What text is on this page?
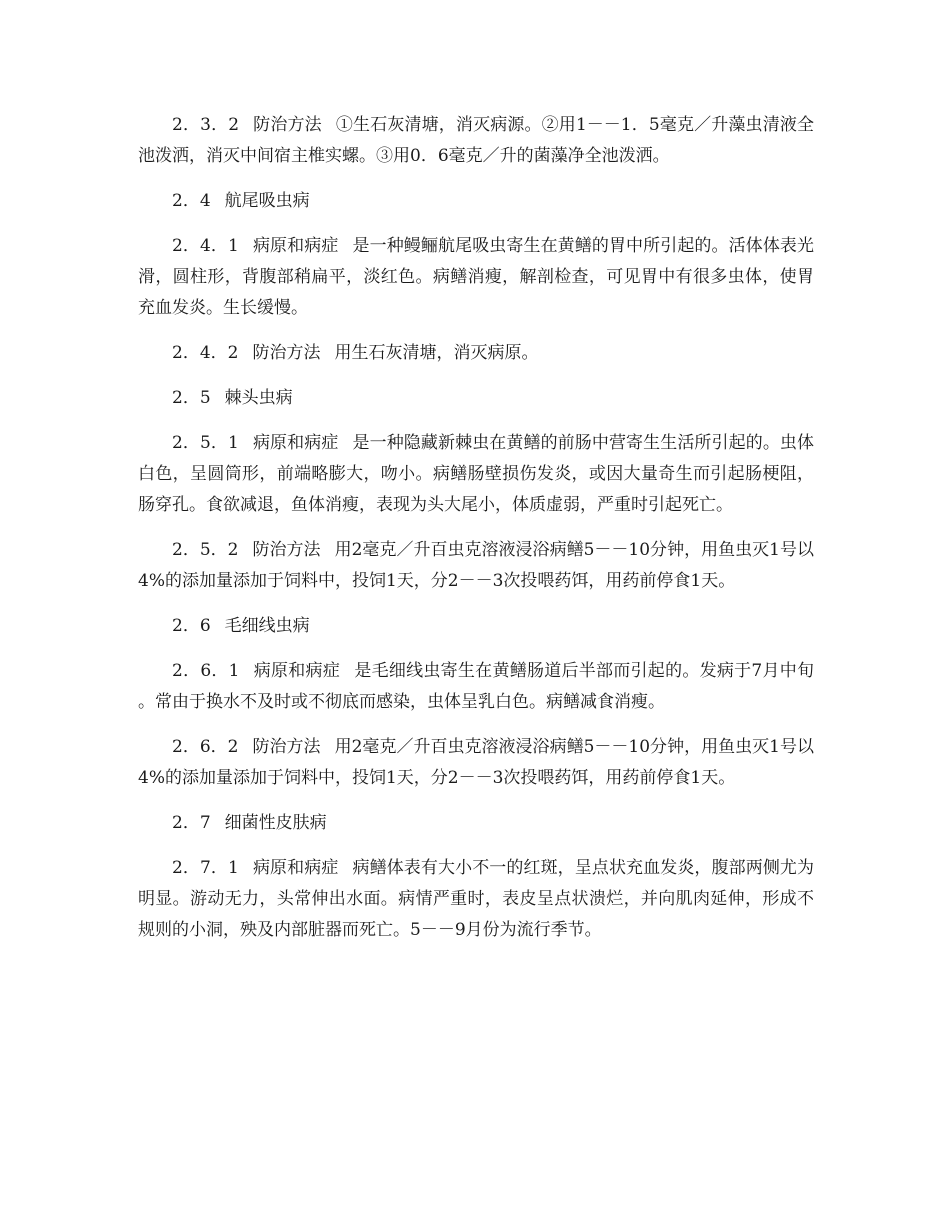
2．3．2 防治方法 ①生石灰清塘，消灭病源。②用1－－1．5毫克／升藻虫清液全池泼洒，消灭中间宿主椎实螺。③用0．6毫克／升的菌藻净全池泼洒。

2．4 航尾吸虫病

2．4．1 病原和病症 是一种鳗鲡航尾吸虫寄生在黄鳝的胃中所引起的。活体体表光滑，圆柱形，背腹部稍扁平，淡红色。病鳝消瘦，解剖检查，可见胃中有很多虫体，使胃充血发炎。生长缓慢。

2．4．2 防治方法 用生石灰清塘，消灭病原。

2．5 棘头虫病

2．5．1 病原和病症 是一种隐藏新棘虫在黄鳝的前肠中营寄生生活所引起的。虫体白色，呈圆筒形，前端略膨大，吻小。病鳝肠壁损伤发炎，或因大量奇生而引起肠梗阻，肠穿孔。食欲减退，鱼体消瘦，表现为头大尾小，体质虚弱，严重时引起死亡。

2．5．2 防治方法 用2毫克／升百虫克溶液浸浴病鳝5－－10分钟，用鱼虫灭1号以4%的添加量添加于饲料中，投饲1天，分2－－3次投喂药饵，用药前停食1天。

2．6 毛细线虫病

2．6．1 病原和病症 是毛细线虫寄生在黄鳝肠道后半部而引起的。发病于7月中旬。常由于换水不及时或不彻底而感染，虫体呈乳白色。病鳝减食消瘦。

2．6．2 防治方法 用2毫克／升百虫克溶液浸浴病鳝5－－10分钟，用鱼虫灭1号以4%的添加量添加于饲料中，投饲1天，分2－－3次投喂药饵，用药前停食1天。

2．7 细菌性皮肤病

2．7．1 病原和病症 病鳝体表有大小不一的红斑，呈点状充血发炎，腹部两侧尤为明显。游动无力，头常伸出水面。病情严重时，表皮呈点状溃烂，并向肌肉延伸，形成不规则的小洞，殃及内部脏器而死亡。5－－9月份为流行季节。
